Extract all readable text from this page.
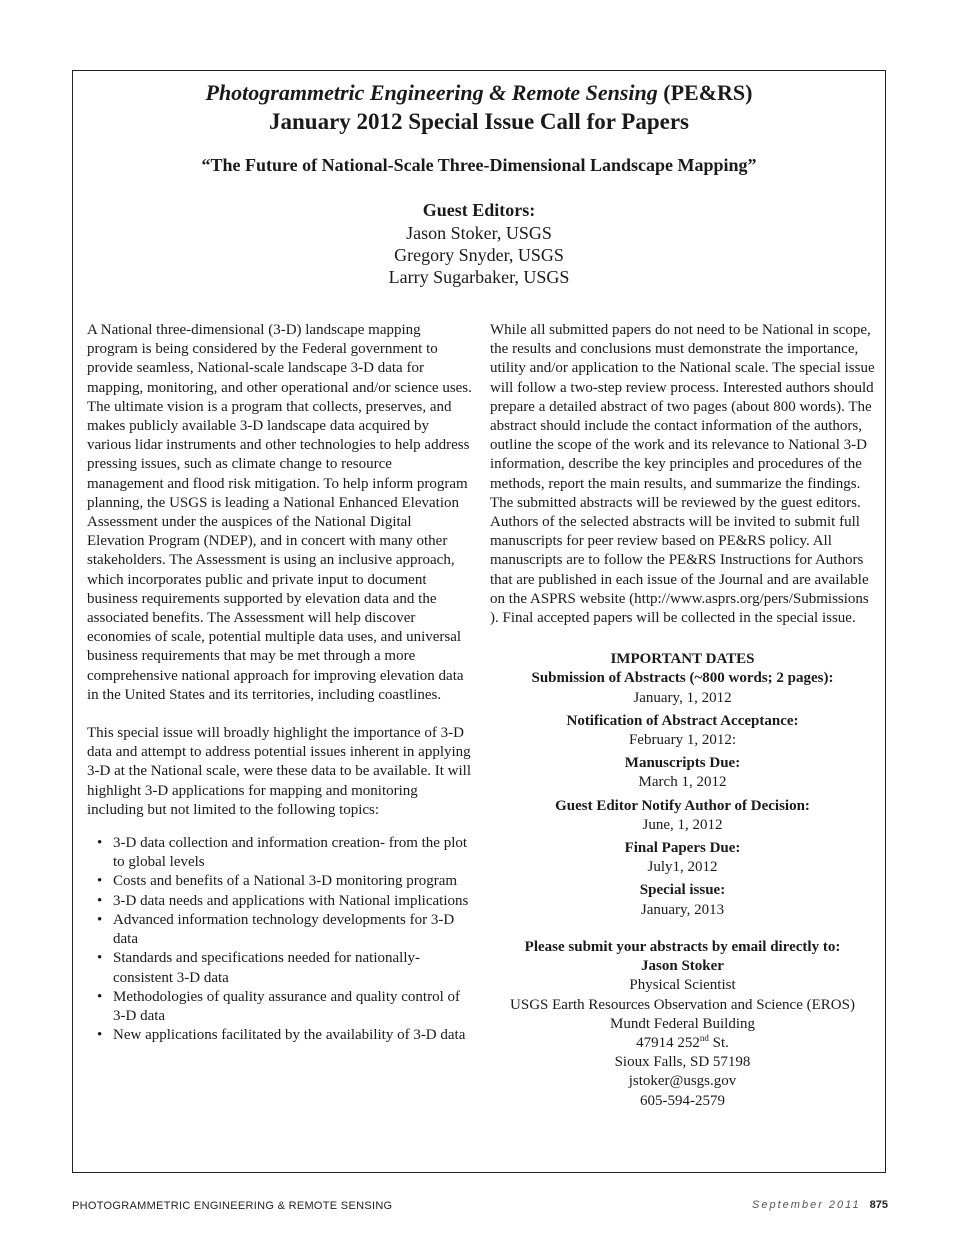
Photogrammetric Engineering & Remote Sensing (PE&RS)
January 2012 Special Issue Call for Papers
“The Future of National-Scale Three-Dimensional Landscape Mapping”
Guest Editors:
Jason Stoker, USGS
Gregory Snyder, USGS
Larry Sugarbaker, USGS

A National three-dimensional (3-D) landscape mapping program is being considered by the Federal government to provide seamless, National-scale landscape 3-D data for mapping, monitoring, and other operational and/or science uses. The ultimate vision is a program that collects, preserves, and makes publicly available 3-D landscape data acquired by various lidar instruments and other technologies to help address pressing issues, such as climate change to resource management and flood risk mitigation. To help inform program planning, the USGS is leading a National Enhanced Elevation Assessment under the auspices of the National Digital Elevation Program (NDEP), and in concert with many other stakeholders. The Assessment is using an inclusive approach, which incorporates public and private input to document business requirements supported by elevation data and the associated benefits. The Assessment will help discover economies of scale, potential multiple data uses, and universal business requirements that may be met through a more comprehensive national approach for improving elevation data in the United States and its territories, including coastlines.

This special issue will broadly highlight the importance of 3-D data and attempt to address potential issues inherent in applying 3-D at the National scale, were these data to be available. It will highlight 3-D applications for mapping and monitoring including but not limited to the following topics:

• 3-D data collection and information creation- from the plot to global levels
• Costs and benefits of a National 3-D monitoring program
• 3-D data needs and applications with National implications
• Advanced information technology developments for 3-D data
• Standards and specifications needed for nationally-consistent 3-D data
• Methodologies of quality assurance and quality control of 3-D data
• New applications facilitated by the availability of 3-D data

While all submitted papers do not need to be National in scope, the results and conclusions must demonstrate the importance, utility and/or application to the National scale. The special issue will follow a two-step review process. Interested authors should prepare a detailed abstract of two pages (about 800 words). The abstract should include the contact information of the authors, outline the scope of the work and its relevance to National 3-D information, describe the key principles and procedures of the methods, report the main results, and summarize the findings. The submitted abstracts will be reviewed by the guest editors. Authors of the selected abstracts will be invited to submit full manuscripts for peer review based on PE&RS policy. All manuscripts are to follow the PE&RS Instructions for Authors that are published in each issue of the Journal and are available on the ASPRS website (http://www.asprs.org/pers/Submissions ). Final accepted papers will be collected in the special issue.

IMPORTANT DATES
Submission of Abstracts (~800 words; 2 pages):
January, 1, 2012
Notification of Abstract Acceptance:
February 1, 2012:
Manuscripts Due:
March 1, 2012
Guest Editor Notify Author of Decision:
June, 1, 2012
Final Papers Due:
July1, 2012
Special issue:
January, 2013
Please submit your abstracts by email directly to:
Jason Stoker
Physical Scientist
USGS Earth Resources Observation and Science (EROS)
Mundt Federal Building
47914 252nd St.
Sioux Falls, SD 57198
jstoker@usgs.gov
605-594-2579
PHOTOGRAMMETRIC ENGINEERING & REMOTE SENSING	September 2011 875
